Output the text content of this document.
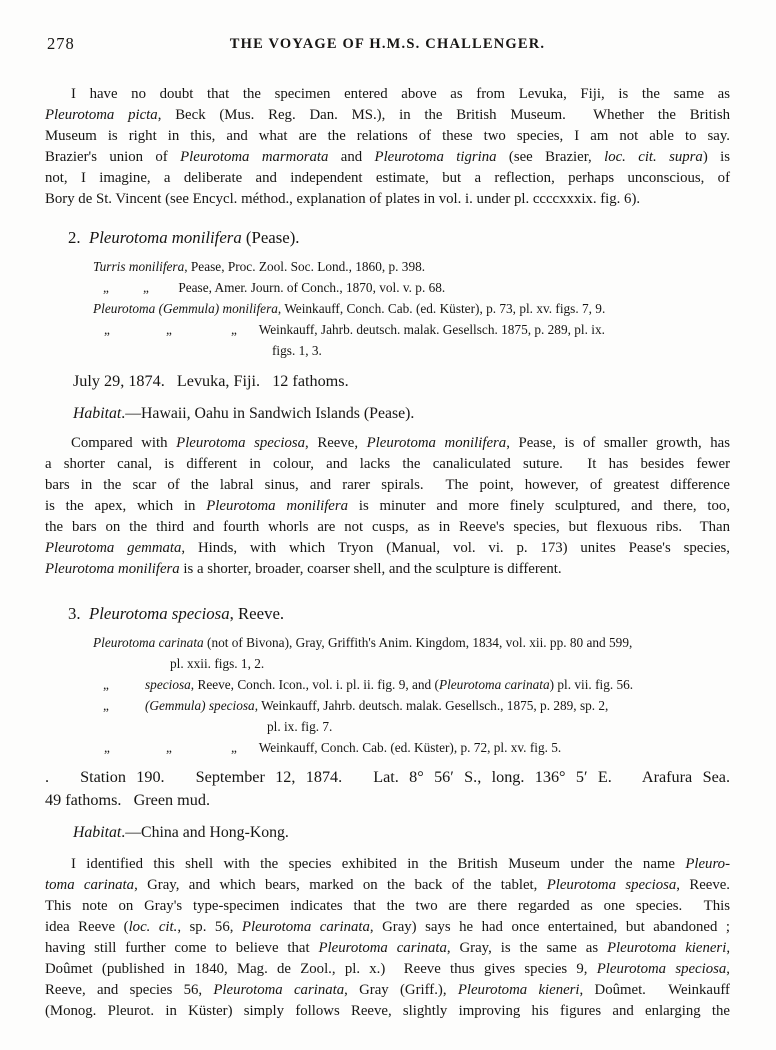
278	THE VOYAGE OF H.M.S. CHALLENGER.
I have no doubt that the specimen entered above as from Levuka, Fiji, is the same as
Pleurotoma picta, Beck (Mus. Reg. Dan. MS.), in the British Museum.  Whether the British
Museum is right in this, and what are the relations of these two species, I am not able to say.
Brazier's union of Pleurotoma marmorata and Pleurotoma tigrina (see Brazier, loc. cit. supra) is
not, I imagine, a deliberate and independent estimate, but a reflection, perhaps unconscious, of
Bory de St. Vincent (see Encycl. méthod., explanation of plates in vol. i. under pl. ccccxxxix. fig. 6).
2.  Pleurotoma monilifera (Pease).
Turris monilifera, Pease, Proc. Zool. Soc. Lond., 1860, p. 398.
„	„ Pease, Amer. Journ. of Conch., 1870, vol. v. p. 68.
Pleurotoma (Gemmula) monilifera, Weinkauff, Conch. Cab. (ed. Küster), p. 73, pl. xv. figs. 7, 9.
„	„	„   Weinkauff, Jahrb. deutsch. malak. Gesellsch. 1875, p. 289, pl. ix.
figs. 1, 3.

July 29, 1874.   Levuka, Fiji.   12 fathoms.

Habitat.—Hawaii, Oahu in Sandwich Islands (Pease).

Compared with Pleurotoma speciosa, Reeve, Pleurotoma monilifera, Pease, is of smaller growth, has
a shorter canal, is different in colour, and lacks the canaliculated suture.  It has besides fewer
bars in the scar of the labral sinus, and rarer spirals.  The point, however, of greatest difference
is the apex, which in Pleurotoma monilifera is minuter and more finely sculptured, and there, too,
the bars on the third and fourth whorls are not cusps, as in Reeve's species, but flexuous ribs.  Than
Pleurotoma gemmata, Hinds, with which Tryon (Manual, vol. vi. p. 173) unites Pease's species,
Pleurotoma monilifera is a shorter, broader, coarser shell, and the sculpture is different.
3.  Pleurotoma speciosa, Reeve.
Pleurotoma carinata (not of Bivona), Gray, Griffith's Anim. Kingdom, 1834, vol. xii. pp. 80 and 599,
pl. xxii. figs. 1, 2.
„	speciosa, Reeve, Conch. Icon., vol. i. pl. ii. fig. 9, and (Pleurotoma carinata) pl. vii. fig. 56.
„	(Gemmula) speciosa, Weinkauff, Jahrb. deutsch. malak. Gesellsch., 1875, p. 289, sp. 2,
pl. ix. fig. 7.
„	„	„   Weinkauff, Conch. Cab. (ed. Küster), p. 72, pl. xv. fig. 5.
.   Station 190.   September 12, 1874.   Lat. 8° 56′ S., long. 136° 5′ E.   Arafura Sea.
49 fathoms.   Green mud.

Habitat.—China and Hong-Kong.

I identified this shell with the species exhibited in the British Museum under the name Pleuro-
toma carinata, Gray, and which bears, marked on the back of the tablet, Pleurotoma speciosa, Reeve.
This note on Gray's type-specimen indicates that the two are there regarded as one species.  This
idea Reeve (loc. cit., sp. 56, Pleurotoma carinata, Gray) says he had once entertained, but abandoned ;
having still further come to believe that Pleurotoma carinata, Gray, is the same as Pleurotoma kieneri,
Doûmet (published in 1840, Mag. de Zool., pl. x.)  Reeve thus gives species 9, Pleurotoma speciosa,
Reeve, and species 56, Pleurotoma carinata, Gray (Griff.), Pleurotoma kieneri, Doûmet.  Weinkauff
(Monog. Pleurot. in Küster) simply follows Reeve, slightly improving his figures and enlarging the
